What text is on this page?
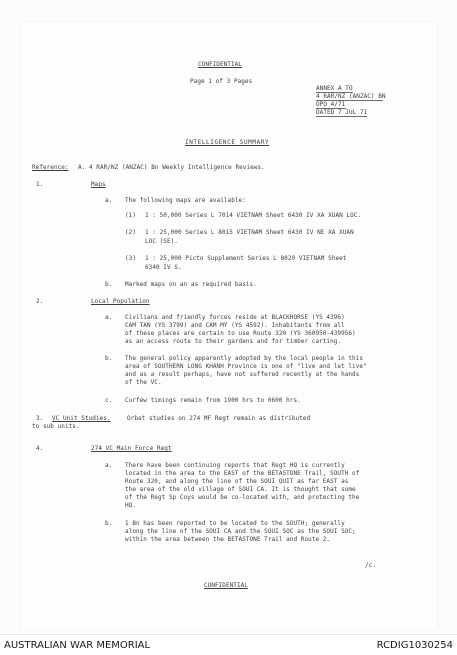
CONFIDENTIAL
Page 1 of 3 Pages
ANNEX A TO
4 RAR/NZ (ANZAC) BN
OPO 4/71
DATED 7 JUL 71
INTELLIGENCE SUMMARY
Reference: A. 4 RAR/NZ (ANZAC) Bn Weekly Intelligence Reviews.
1.	Maps
a. The following maps are available:
(1) 1 : 50,000 Series L 7014 VIETNAM Sheet 6430 IV XA XUAN LOC.
(2) 1 : 25,000 Series L 8015 VIETNAM Sheet 6430 IV NE XA XUAN
LOC (SE).
(3) 1 : 25,000 Picto Supplement Series L 8020 VIETNAM Sheet
6340 IV S.
b. Marked maps on an as required basis.
2.	Local Population
a. Civilians and friendly forces reside at BLACKHORSE (YS 4396)
CAM TAN (YS 3799) and CAM MY (YS 4592). Inhabitants from all
of these places are certain to use Route 320 (YS 360950-439956)
as an access route to their gardens and for timber carting.
b. The general policy apparently adopted by the local people in this
area of SOUTHERN LONG KHANH Province is one of "live and let live"
and as a result perhaps, have not suffered recently at the hands
of the VC.
c. Curfew timings remain from 1900 hrs to 0600 hrs.
3. VC Unit Studies.	Orbat studies on 274 MF Regt remain as distributed
to sub units.
4.	274 VC Main Force Regt
a. There have been continuing reports that Regt HQ is currently
located in the area to the EAST of the BETASTONE Trail, SOUTH of
Route 320, and along the line of the SOUI QUIT as far EAST as
the area of the old village of SOUI CA. It is thought that some
of the Regt Sp Coys would be co-located with, and protecting the
HQ.
b. 1 Bn has been reported to be located to the SOUTH; generally
along the line of the SOUI CA and the SOUI SOC as the SOUI SOC;
within the area between the BETASTONE Trail and Route 2.
/c.
CONFIDENTIAL
AUSTRALIAN WAR MEMORIAL	RCDIG1030254
